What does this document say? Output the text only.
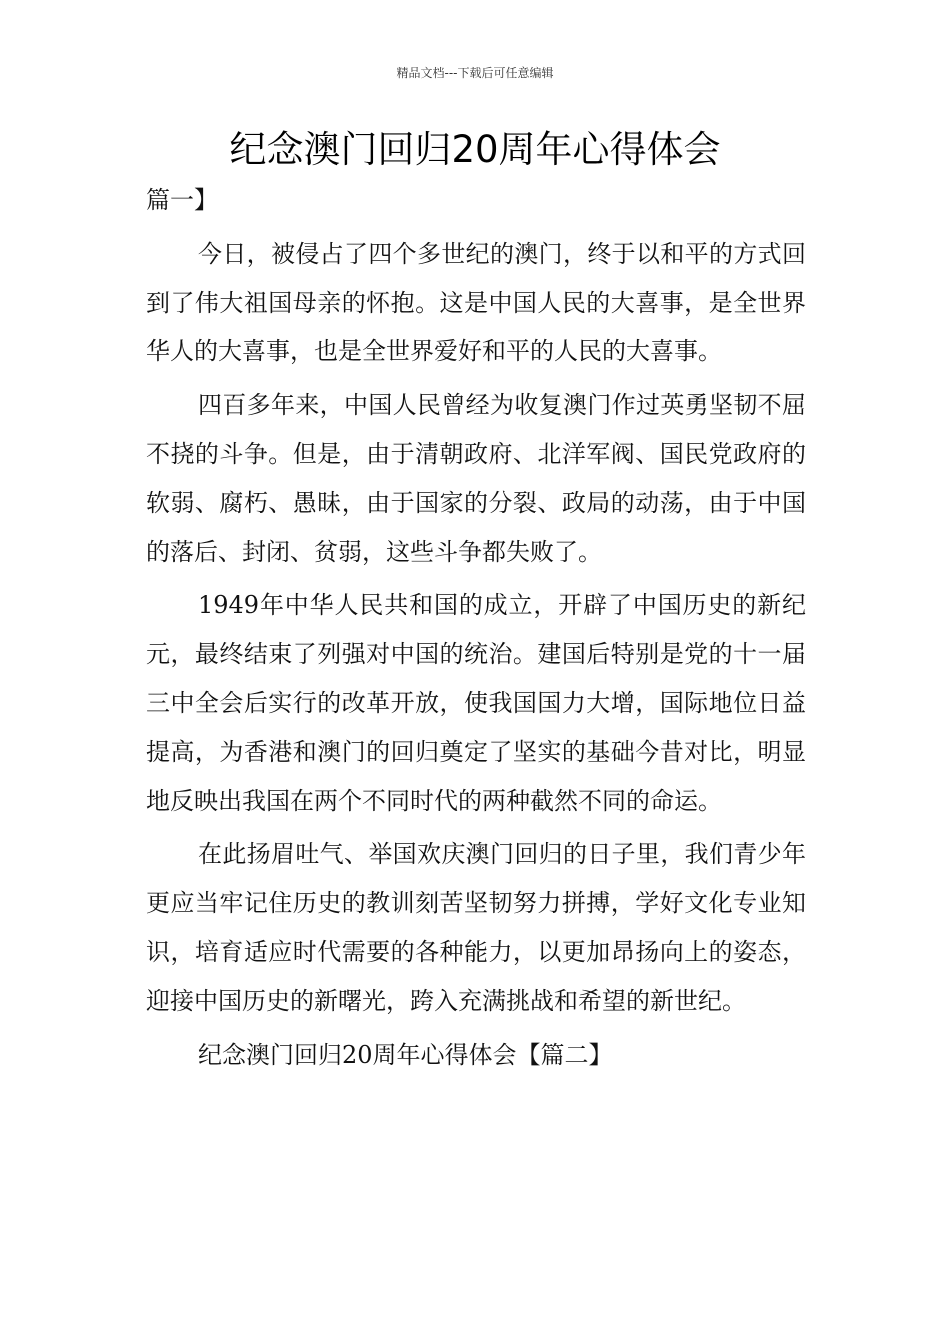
精品文档---下载后可任意编辑
纪念澳门回归20周年心得体会

篇一】

今日，被侵占了四个多世纪的澳门，终于以和平的方式回到了伟大祖国母亲的怀抱。这是中国人民的大喜事，是全世界华人的大喜事，也是全世界爱好和平的人民的大喜事。

四百多年来，中国人民曾经为收复澳门作过英勇坚韧不屈不挠的斗争。但是，由于清朝政府、北洋军阀、国民党政府的软弱、腐朽、愚昧，由于国家的分裂、政局的动荡，由于中国的落后、封闭、贫弱，这些斗争都失败了。

1949年中华人民共和国的成立，开辟了中国历史的新纪元，最终结束了列强对中国的统治。建国后特别是党的十一届三中全会后实行的改革开放，使我国国力大增，国际地位日益提高，为香港和澳门的回归奠定了坚实的基础今昔对比，明显地反映出我国在两个不同时代的两种截然不同的命运。

在此扬眉吐气、举国欢庆澳门回归的日子里，我们青少年更应当牢记住历史的教训刻苦坚韧努力拼搏，学好文化专业知识，培育适应时代需要的各种能力，以更加昂扬向上的姿态，迎接中国历史的新曙光，跨入充满挑战和希望的新世纪。

纪念澳门回归20周年心得体会【篇二】
